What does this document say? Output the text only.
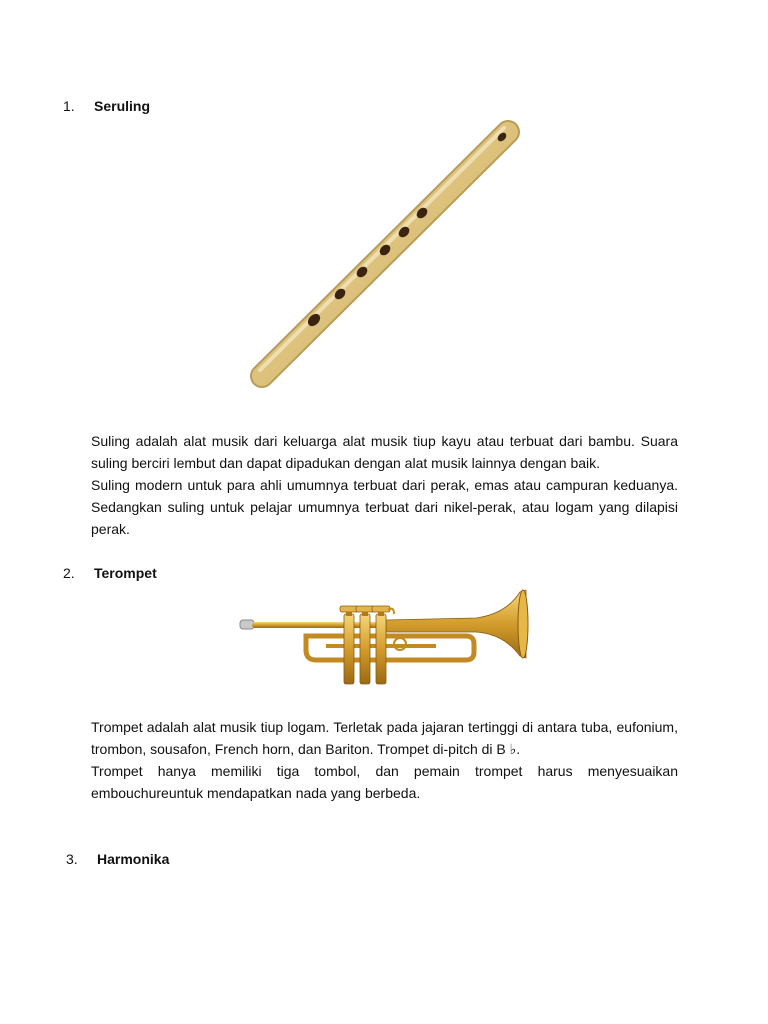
1. Seruling

Suling adalah alat musik dari keluarga alat musik tiup kayu atau terbuat dari bambu. Suara suling berciri lembut dan dapat dipadukan dengan alat musik lainnya dengan baik.

Suling modern untuk para ahli umumnya terbuat dari perak, emas atau campuran keduanya. Sedangkan suling untuk pelajar umumnya terbuat dari nikel-perak, atau logam yang dilapisi perak.

2. Terompet

Trompet adalah alat musik tiup logam. Terletak pada jajaran tertinggi di antara tuba, eufonium, trombon, sousafon, French horn, dan Bariton. Trompet di-pitch di B ♭.

Trompet hanya memiliki tiga tombol, dan pemain trompet harus menyesuaikan embouchureuntuk mendapatkan nada yang berbeda.

3. Harmonika
